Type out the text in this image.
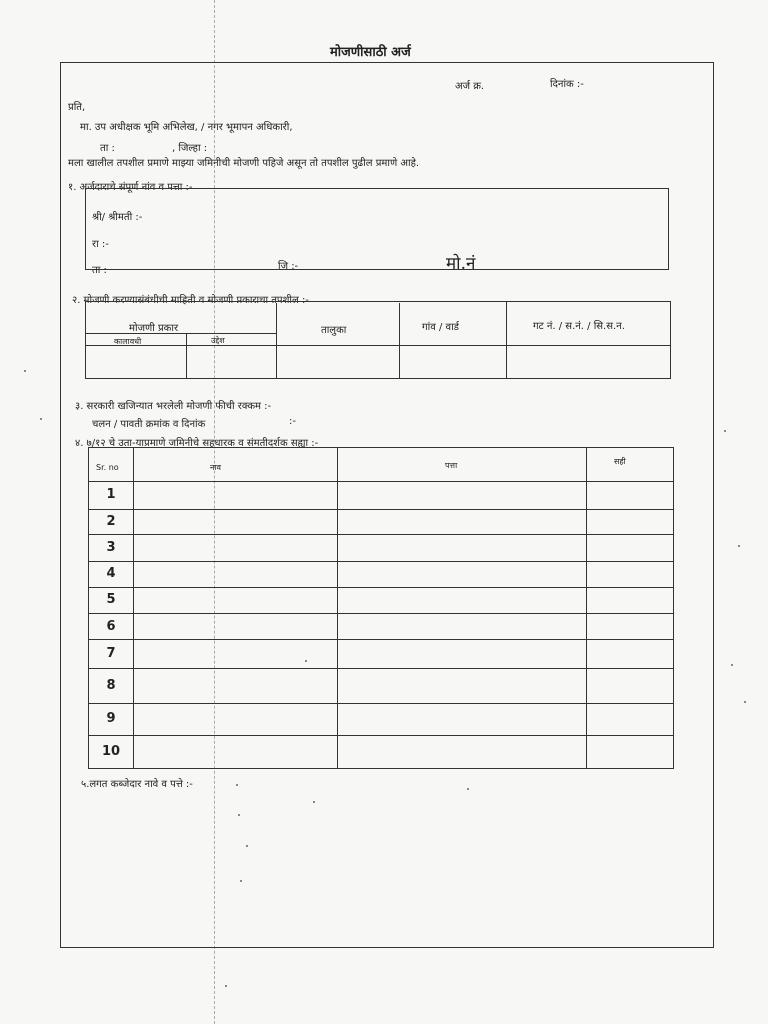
मोजणीसाठी अर्ज
अर्ज क्र.	दिनांक :-
प्रति,
मा. उप अधीक्षक भूमि अभिलेख, / नगर भूमापन अधिकारी,
ता :	, जिल्हा :
मला खालील तपशील प्रमाणे माझ्या जमिनीची मोजणी पहिजे असून तो तपशील पुढील प्रमाणे आहे.
१. अर्जदाराचे संपूर्ण नांव व पत्ता :-
श्री/ श्रीमती :-
रा :-
ता :	जि :-	मो.नं
२. मोजणी करण्यासंबंधीची माहिती व मोजणी प्रकाराचा तपशील :-
मोजणी प्रकार
कालावधी	उद्देश
तालुका	गांव / वार्ड	गट नं. / स.नं. / सि.स.न.
३. सरकारी खजिन्यात भरलेली मोजणी फीची रक्कम :-
चलन / पावती क्रमांक व दिनांक	:-
४. ७/१२ चे उता-याप्रमाणे जमिनीचे सहधारक व संमतीदर्शक सह्या :-
Sr. no	नाव	पत्ता	सही
1
2
3
4
5
6
7
8
9
10
५.लगत कब्जेदार नावे व पत्ते :-
